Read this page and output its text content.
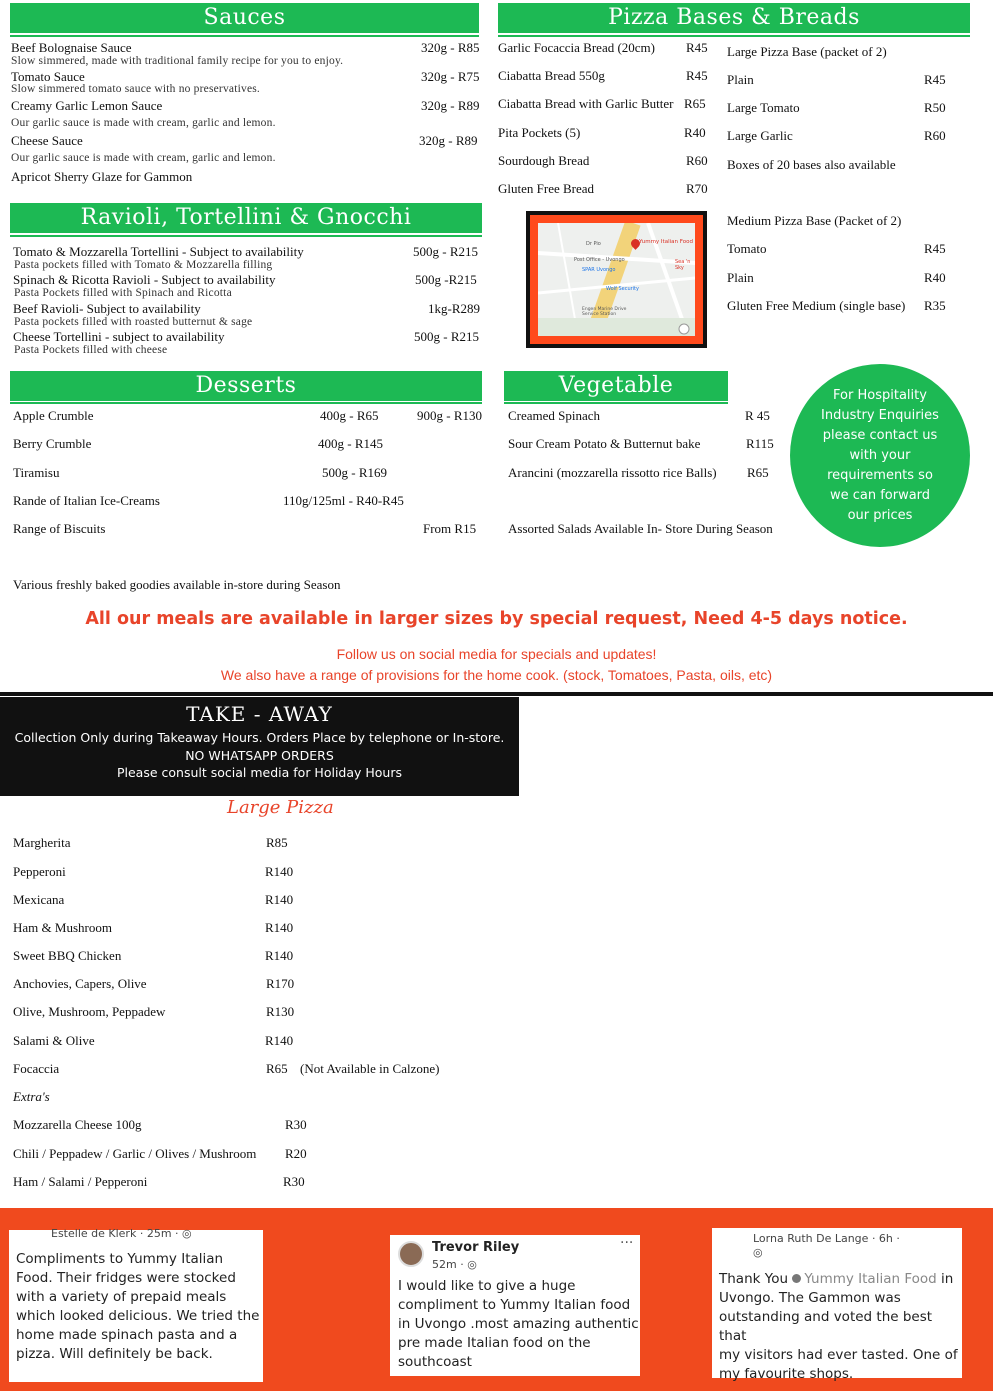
Sauces
Beef Bolognaise Sauce	320g - R85
Slow simmered, made with traditional family recipe for you to enjoy.
Tomato Sauce	320g - R75
Slow simmered tomato sauce with no preservatives.
Creamy Garlic Lemon Sauce	320g - R89
Our garlic sauce is made with cream, garlic and lemon.
Cheese Sauce	320g - R89
Our garlic sauce is made with cream, garlic and lemon.
Apricot Sherry Glaze for Gammon
Pizza Bases & Breads
Garlic Focaccia Bread (20cm) R45
Ciabatta Bread 550g	R45
Ciabatta Bread with Garlic Butter R65
Pita Pockets (5)	R40
Sourdough Bread	R60
Gluten Free Bread	R70
Large Pizza Base (packet of 2)
Plain	R45
Large Tomato	R50
Large Garlic	R60
Boxes of 20 bases also available
Medium Pizza Base (Packet of 2)
Tomato	R45
Plain	R40
Gluten Free Medium (single base) R35
Yummy Italian Food
Post Office - Uvongo
SPAR Uvongo
Wolf Security
Sea 'n Sky
Engen Marine Drive Service Station
Dr Pio
Ravioli, Tortellini & Gnocchi
Tomato & Mozzarella Tortellini - Subject to availability	500g - R215
Pasta pockets filled with Tomato & Mozzarella filling
Spinach & Ricotta Ravioli - Subject to availability	500g -R215
Pasta Pockets filled with Spinach and Ricotta
Beef Ravioli- Subject to availability	1kg-R289
Pasta pockets filled with roasted butternut & sage
Cheese Tortellini - subject to availability	500g - R215
Pasta Pockets filled with cheese
Desserts
Apple Crumble	400g - R65	900g - R130
Berry Crumble	400g - R145
Tiramisu	500g - R169
Rande of Italian Ice-Creams	110g/125ml - R40-R45
Range of Biscuits	From R15
Various freshly baked goodies available in-store during Season
Vegetable
Creamed Spinach	R 45
Sour Cream Potato & Butternut bake	R115
Arancini (mozzarella rissotto rice Balls) R65
Assorted Salads Available In- Store During Season
For Hospitality
Industry Enquiries
please contact us
with your
requirements so
we can forward
our prices
All our meals are available in larger sizes by special request, Need 4-5 days notice.
Follow us on social media for specials and updates!
We also have a range of provisions for the home cook. (stock, Tomatoes, Pasta, oils, etc)
TAKE - AWAY
Collection Only during Takeaway Hours. Orders Place by telephone or In-store.
NO WHATSAPP ORDERS
Please consult social media for Holiday Hours
Large Pizza
Margherita	R85
Pepperoni	R140
Mexicana	R140
Ham & Mushroom	R140
Sweet BBQ Chicken	R140
Anchovies, Capers, Olive	R170
Olive, Mushroom, Peppadew	R130
Salami & Olive	R140
Focaccia	R65 (Not Available in Calzone)
Extra's
Mozzarella Cheese 100g	R30
Chili / Peppadew / Garlic / Olives / Mushroom R20
Ham / Salami / Pepperoni	R30
Estelle de Klerk · 25m · ◎
Compliments to Yummy Italian
Food. Their fridges were stocked
with a variety of prepaid meals
which looked delicious. We tried the
home made spinach pasta and a
pizza. Will definitely be back.
Trevor Riley
52m · ◎
···
I would like to give a huge
compliment to Yummy Italian food
in Uvongo .most amazing authentic
pre made Italian food on the
southcoast
Lorna Ruth De Lange · 6h ·
◎
Thank You Yummy Italian Food in
Uvongo. The Gammon was
outstanding and voted the best that
my visitors had ever tasted. One of
my favourite shops.
